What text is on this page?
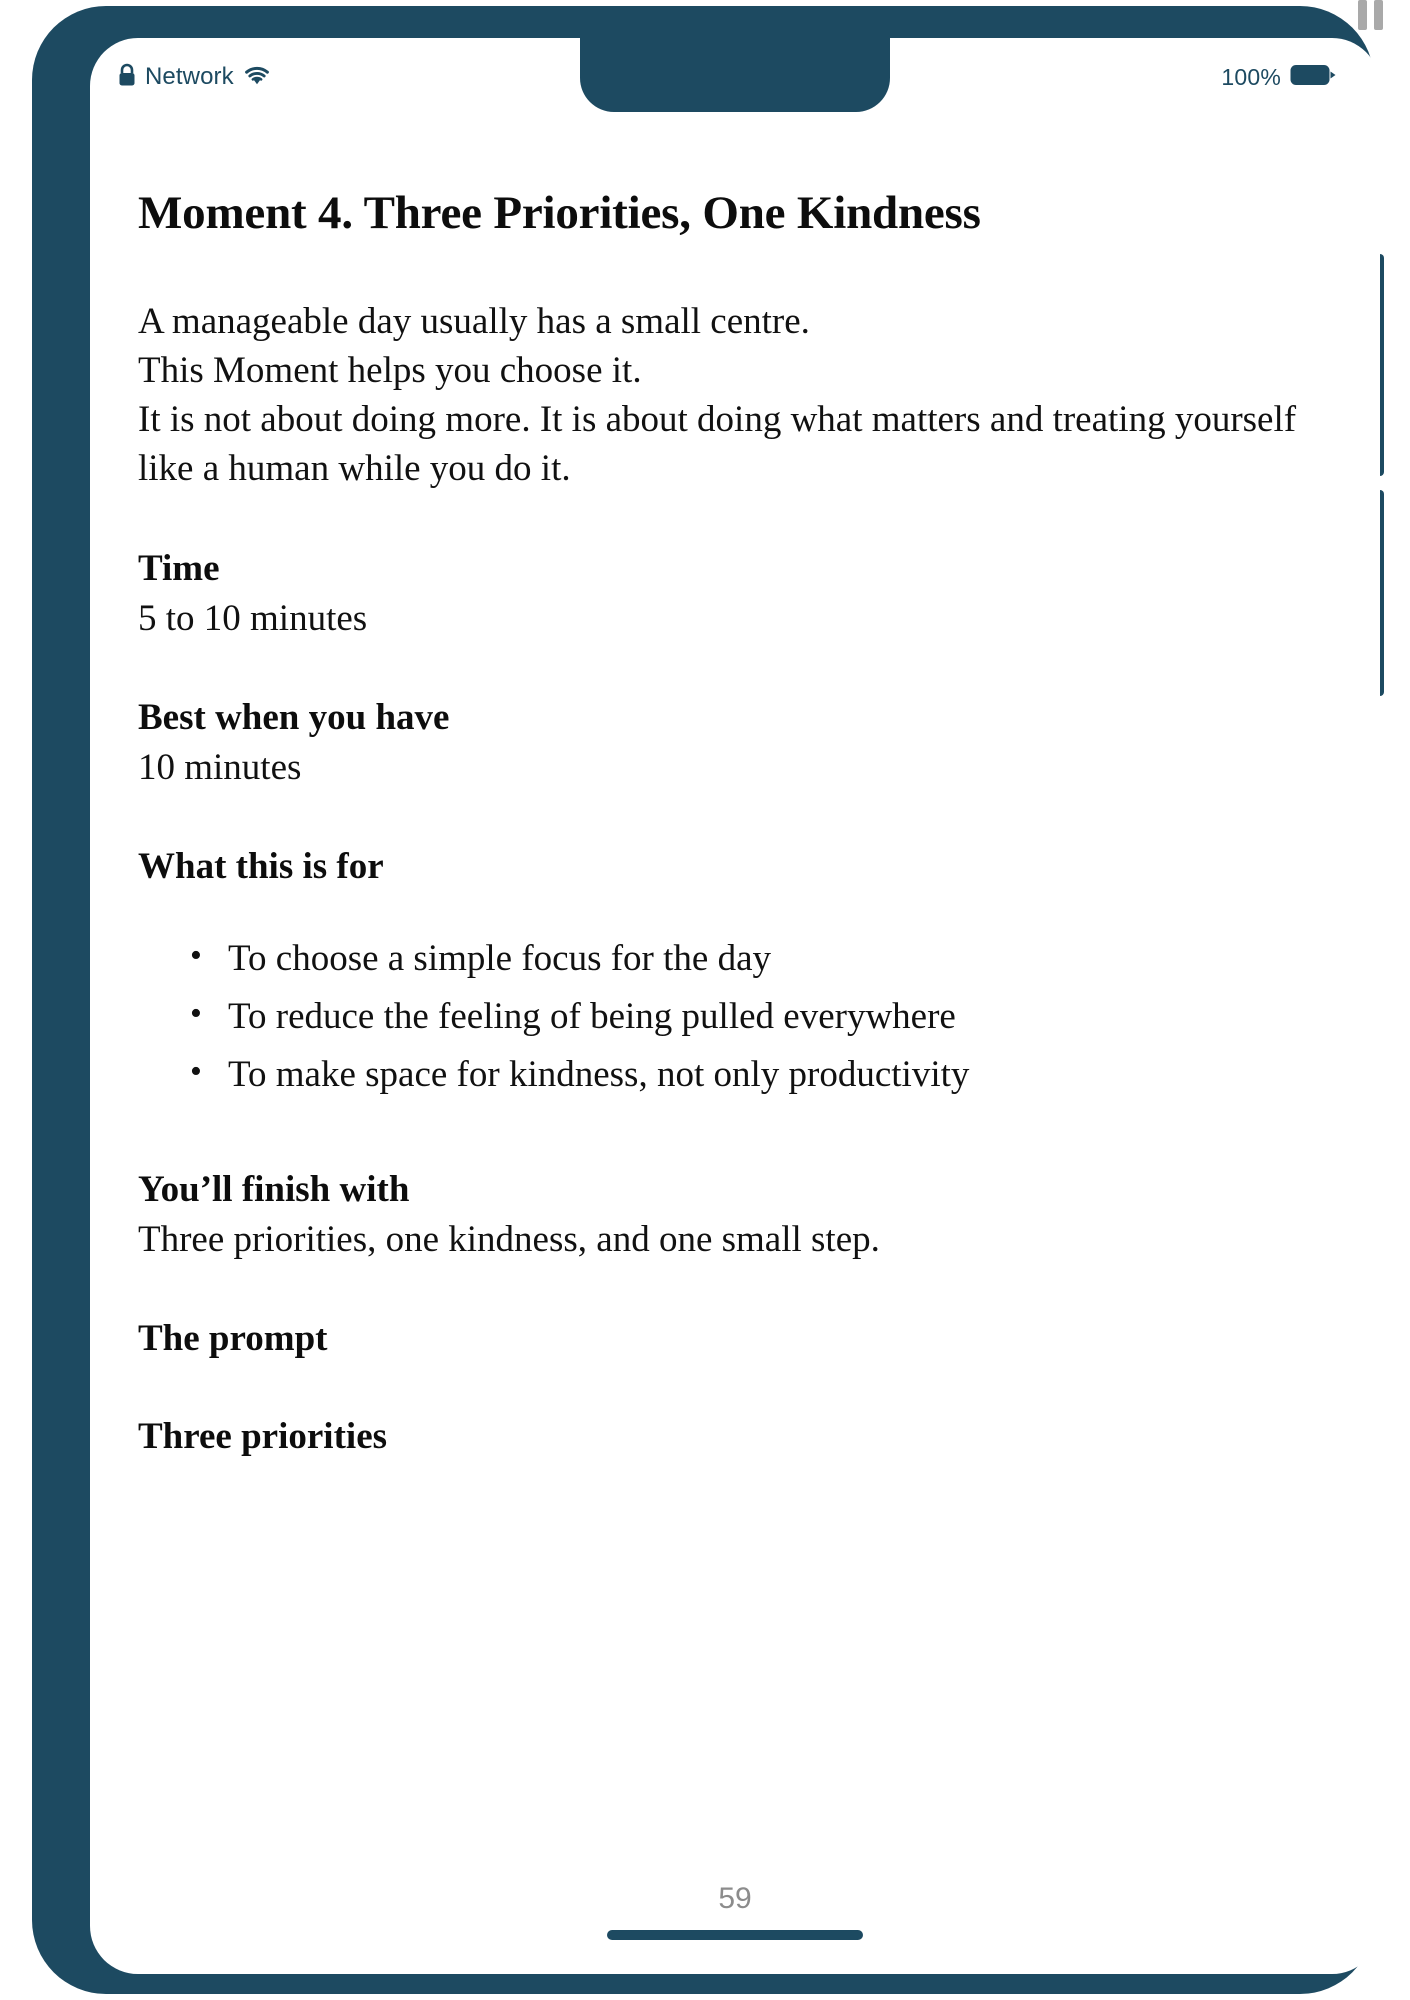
Network	100%
Moment 4. Three Priorities, One Kindness

A manageable day usually has a small centre.

This Moment helps you choose it.

It is not about doing more. It is about doing what matters and treating yourself like a human while you do it.

Time
5 to 10 minutes
Best when you have
10 minutes
What this is for
• To choose a simple focus for the day
• To reduce the feeling of being pulled everywhere
• To make space for kindness, not only productivity
You’ll finish with
Three priorities, one kindness, and one small step.
The prompt
Three priorities
59
